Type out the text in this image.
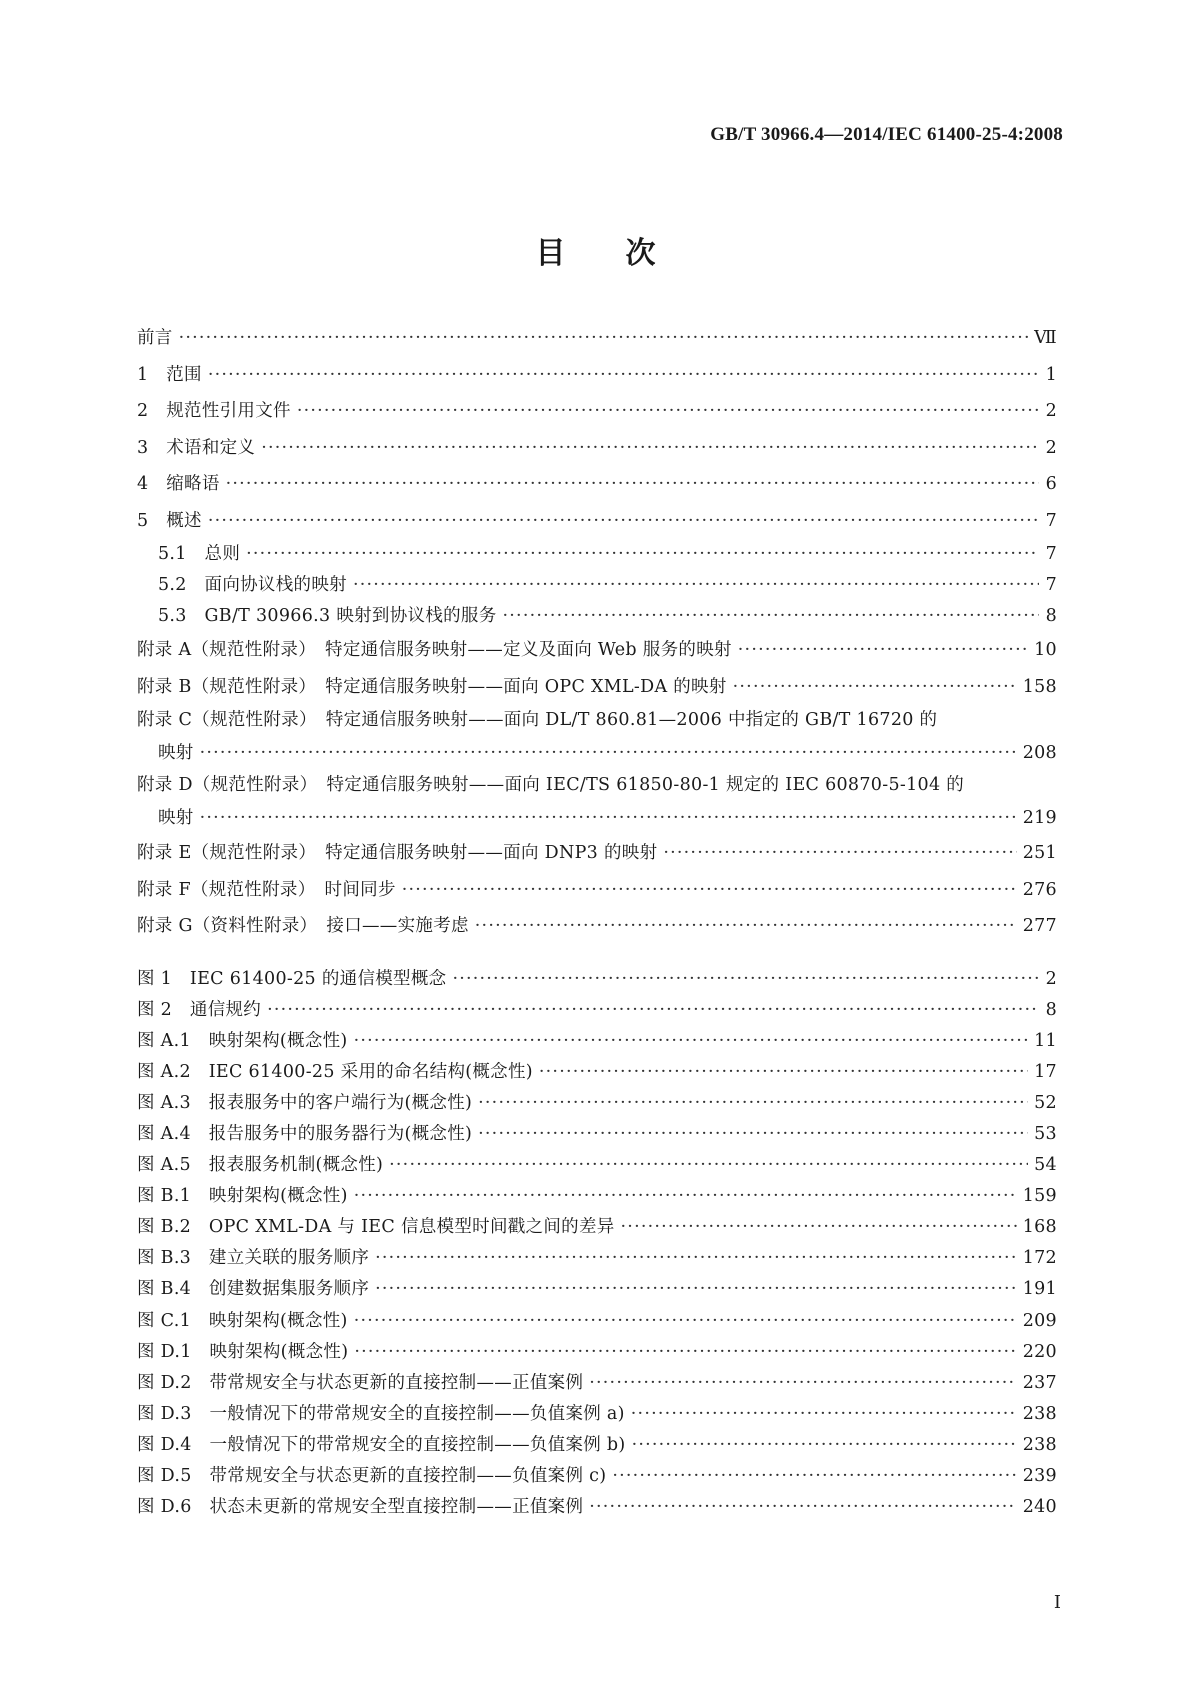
GB/T 30966.4—2014/IEC 61400-25-4:2008
目　　次
前言 ·····	Ⅶ
1　范围 ·····	1
2　规范性引用文件 ·····	2
3　术语和定义 ·····	2
4　缩略语 ·····	6
5　概述 ·····	7
5.1　总则 ·····	7
5.2　面向协议栈的映射 ·····	7
5.3　GB/T 30966.3 映射到协议栈的服务 ·····	8
附录 A（规范性附录）　特定通信服务映射——定义及面向 Web 服务的映射 ·····	10
附录 B（规范性附录）　特定通信服务映射——面向 OPC XML-DA 的映射 ·····	158
附录 C（规范性附录）　特定通信服务映射——面向 DL/T 860.81—2006 中指定的 GB/T 16720 的
映射 ·····	208
附录 D（规范性附录）　特定通信服务映射——面向 IEC/TS 61850-80-1 规定的 IEC 60870-5-104 的
映射 ·····	219
附录 E（规范性附录）　特定通信服务映射——面向 DNP3 的映射 ·····	251
附录 F（规范性附录）　时间同步 ·····	276
附录 G（资料性附录）　接口——实施考虑 ·····	277
图 1　IEC 61400-25 的通信模型概念 ·····	2
图 2　通信规约 ·····	8
图 A.1　映射架构(概念性) ·····	11
图 A.2　IEC 61400-25 采用的命名结构(概念性) ·····	17
图 A.3　报表服务中的客户端行为(概念性) ·····	52
图 A.4　报告服务中的服务器行为(概念性) ·····	53
图 A.5　报表服务机制(概念性) ·····	54
图 B.1　映射架构(概念性) ·····	159
图 B.2　OPC XML-DA 与 IEC 信息模型时间戳之间的差异 ·····	168
图 B.3　建立关联的服务顺序 ·····	172
图 B.4　创建数据集服务顺序 ·····	191
图 C.1　映射架构(概念性) ·····	209
图 D.1　映射架构(概念性) ·····	220
图 D.2　带常规安全与状态更新的直接控制——正值案例 ·····	237
图 D.3　一般情况下的带常规安全的直接控制——负值案例 a) ·····	238
图 D.4　一般情况下的带常规安全的直接控制——负值案例 b) ·····	238
图 D.5　带常规安全与状态更新的直接控制——负值案例 c) ·····	239
图 D.6　状态未更新的常规安全型直接控制——正值案例 ·····	240
I
